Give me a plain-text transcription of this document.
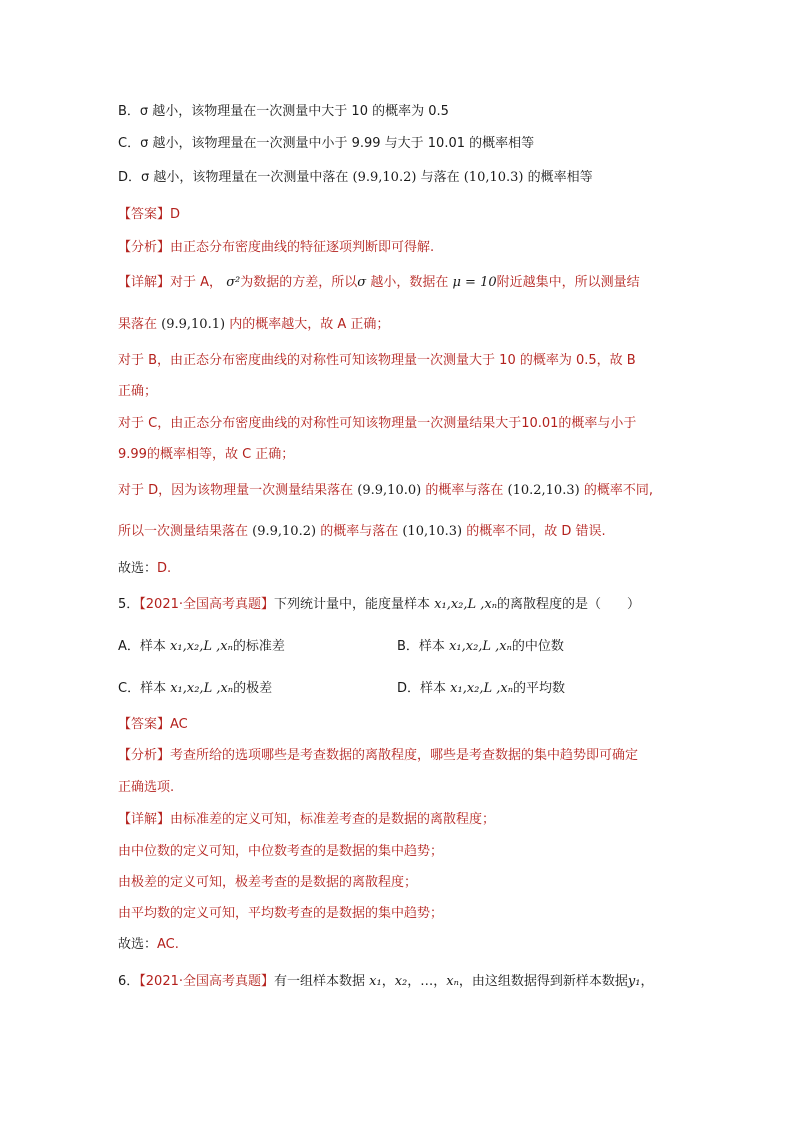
B．σ 越小，该物理量在一次测量中大于 10 的概率为 0.5
C．σ 越小，该物理量在一次测量中小于 9.99 与大于 10.01 的概率相等
D．σ 越小，该物理量在一次测量中落在 (9.9,10.2) 与落在 (10,10.3) 的概率相等
【答案】D
【分析】由正态分布密度曲线的特征逐项判断即可得解.
【详解】对于 A， σ²为数据的方差，所以σ 越小，数据在 μ = 10附近越集中，所以测量结
果落在 (9.9,10.1) 内的概率越大，故 A 正确；
对于 B，由正态分布密度曲线的对称性可知该物理量一次测量大于 10 的概率为 0.5，故 B
正确；
对于 C，由正态分布密度曲线的对称性可知该物理量一次测量结果大于10.01的概率与小于
9.99的概率相等，故 C 正确；
对于 D，因为该物理量一次测量结果落在 (9.9,10.0) 的概率与落在 (10.2,10.3) 的概率不同,
所以一次测量结果落在 (9.9,10.2) 的概率与落在 (10,10.3) 的概率不同，故 D 错误.
故选：D.
5．【2021·全国高考真题】下列统计量中，能度量样本 x₁,x₂,L ,xₙ的离散程度的是（　　）
A．样本 x₁,x₂,L ,xₙ的标准差	B．样本 x₁,x₂,L ,xₙ的中位数
C．样本 x₁,x₂,L ,xₙ的极差	D．样本 x₁,x₂,L ,xₙ的平均数
【答案】AC
【分析】考查所给的选项哪些是考查数据的离散程度，哪些是考查数据的集中趋势即可确定
正确选项.
【详解】由标准差的定义可知，标准差考查的是数据的离散程度；
由中位数的定义可知，中位数考查的是数据的集中趋势；
由极差的定义可知，极差考查的是数据的离散程度；
由平均数的定义可知，平均数考查的是数据的集中趋势；
故选：AC.
6．【2021·全国高考真题】有一组样本数据 x₁，x₂，…，xₙ，由这组数据得到新样本数据y₁，
